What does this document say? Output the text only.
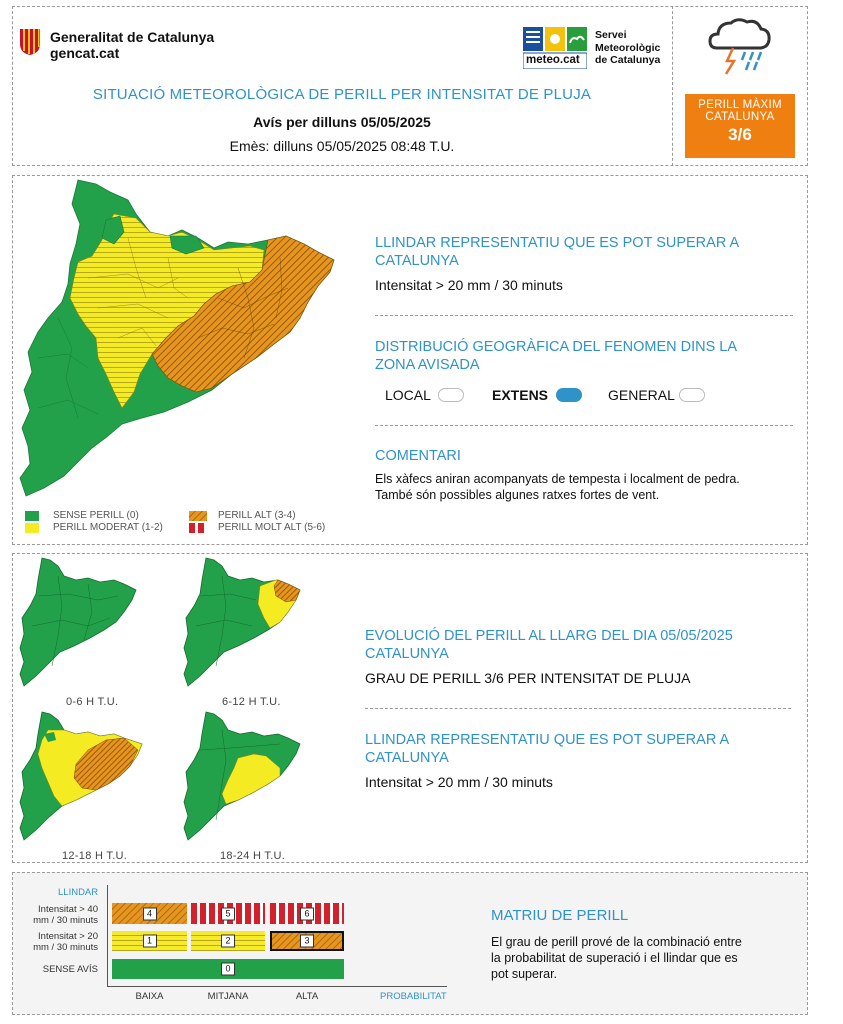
Generalitat de Catalunya
gencat.cat	meteo.cat
Servei
Meteorològic
de Catalunya
SITUACIÓ METEOROLÒGICA DE PERILL PER INTENSITAT DE PLUJA
Avís per dilluns 05/05/2025
Emès: dilluns 05/05/2025 08:48 T.U.
PERILL MÀXIM
CATALUNYA
3/6
SENSE PERILL (0)
PERILL MODERAT (1-2)
PERILL ALT (3-4)
PERILL MOLT ALT (5-6)
LLINDAR REPRESENTATIU QUE ES POT SUPERAR A CATALUNYA
Intensitat > 20 mm / 30 minuts
DISTRIBUCIÓ GEOGRÀFICA DEL FENOMEN DINS LA ZONA AVISADA
LOCAL	EXTENS	GENERAL
COMENTARI
Els xàfecs aniran acompanyats de tempesta i localment de pedra.
També són possibles algunes ratxes fortes de vent.
0-6 H T.U.	6-12 H T.U.
12-18 H T.U.	18-24 H T.U.
EVOLUCIÓ DEL PERILL AL LLARG DEL DIA 05/05/2025 CATALUNYA
GRAU DE PERILL 3/6 PER INTENSITAT DE PLUJA
LLINDAR REPRESENTATIU QUE ES POT SUPERAR A CATALUNYA
Intensitat > 20 mm / 30 minuts
LLINDAR
Intensitat > 40
mm / 30 minuts
Intensitat > 20
mm / 30 minuts
SENSE AVÍS
4	5	6
1	2	3
0
BAIXA	MITJANA	ALTA	PROBABILITAT
MATRIU DE PERILL
El grau de perill prové de la combinació entre
la probabilitat de superació i el llindar que es
pot superar.
